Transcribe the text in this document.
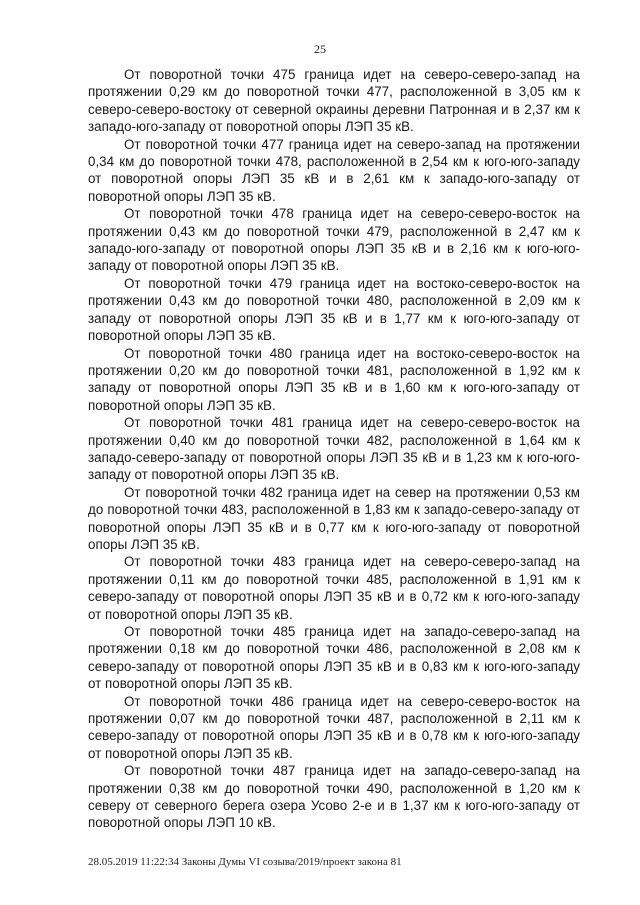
25

От поворотной точки 475 граница идет на северо-северо-запад на протяжении 0,29 км до поворотной точки 477, расположенной в 3,05 км к северо-северо-востоку от северной окраины деревни Патронная и в 2,37 км к западо-юго-западу от поворотной опоры ЛЭП 35 кВ.

От поворотной точки 477 граница идет на северо-запад на протяжении 0,34 км до поворотной точки 478, расположенной в 2,54 км к юго-юго-западу от поворотной опоры ЛЭП 35 кВ и в 2,61 км к западо-юго-западу от поворотной опоры ЛЭП 35 кВ.

От поворотной точки 478 граница идет на северо-северо-восток на протяжении 0,43 км до поворотной точки 479, расположенной в 2,47 км к западо-юго-западу от поворотной опоры ЛЭП 35 кВ и в 2,16 км к юго-юго-западу от поворотной опоры ЛЭП 35 кВ.

От поворотной точки 479 граница идет на востоко-северо-восток на протяжении 0,43 км до поворотной точки 480, расположенной в 2,09 км к западу от поворотной опоры ЛЭП 35 кВ и в 1,77 км к юго-юго-западу от поворотной опоры ЛЭП 35 кВ.

От поворотной точки 480 граница идет на востоко-северо-восток на протяжении 0,20 км до поворотной точки 481, расположенной в 1,92 км к западу от поворотной опоры ЛЭП 35 кВ и в 1,60 км к юго-юго-западу от поворотной опоры ЛЭП 35 кВ.

От поворотной точки 481 граница идет на северо-северо-восток на протяжении 0,40 км до поворотной точки 482, расположенной в 1,64 км к западо-северо-западу от поворотной опоры ЛЭП 35 кВ и в 1,23 км к юго-юго-западу от поворотной опоры ЛЭП 35 кВ.

От поворотной точки 482 граница идет на север на протяжении 0,53 км до поворотной точки 483, расположенной в 1,83 км к западо-северо-западу от поворотной опоры ЛЭП 35 кВ и в 0,77 км к юго-юго-западу от поворотной опоры ЛЭП 35 кВ.

От поворотной точки 483 граница идет на северо-северо-запад на протяжении 0,11 км до поворотной точки 485, расположенной в 1,91 км к северо-западу от поворотной опоры ЛЭП 35 кВ и в 0,72 км к юго-юго-западу от поворотной опоры ЛЭП 35 кВ.

От поворотной точки 485 граница идет на западо-северо-запад на протяжении 0,18 км до поворотной точки 486, расположенной в 2,08 км к северо-западу от поворотной опоры ЛЭП 35 кВ и в 0,83 км к юго-юго-западу от поворотной опоры ЛЭП 35 кВ.

От поворотной точки 486 граница идет на северо-северо-восток на протяжении 0,07 км до поворотной точки 487, расположенной в 2,11 км к северо-западу от поворотной опоры ЛЭП 35 кВ и в 0,78 км к юго-юго-западу от поворотной опоры ЛЭП 35 кВ.

От поворотной точки 487 граница идет на западо-северо-запад на протяжении 0,38 км до поворотной точки 490, расположенной в 1,20 км к северу от северного берега озера Усово 2-е и в 1,37 км к юго-юго-западу от поворотной опоры ЛЭП 10 кВ.

28.05.2019 11:22:34 Законы Думы VI созыва/2019/проект закона 81
